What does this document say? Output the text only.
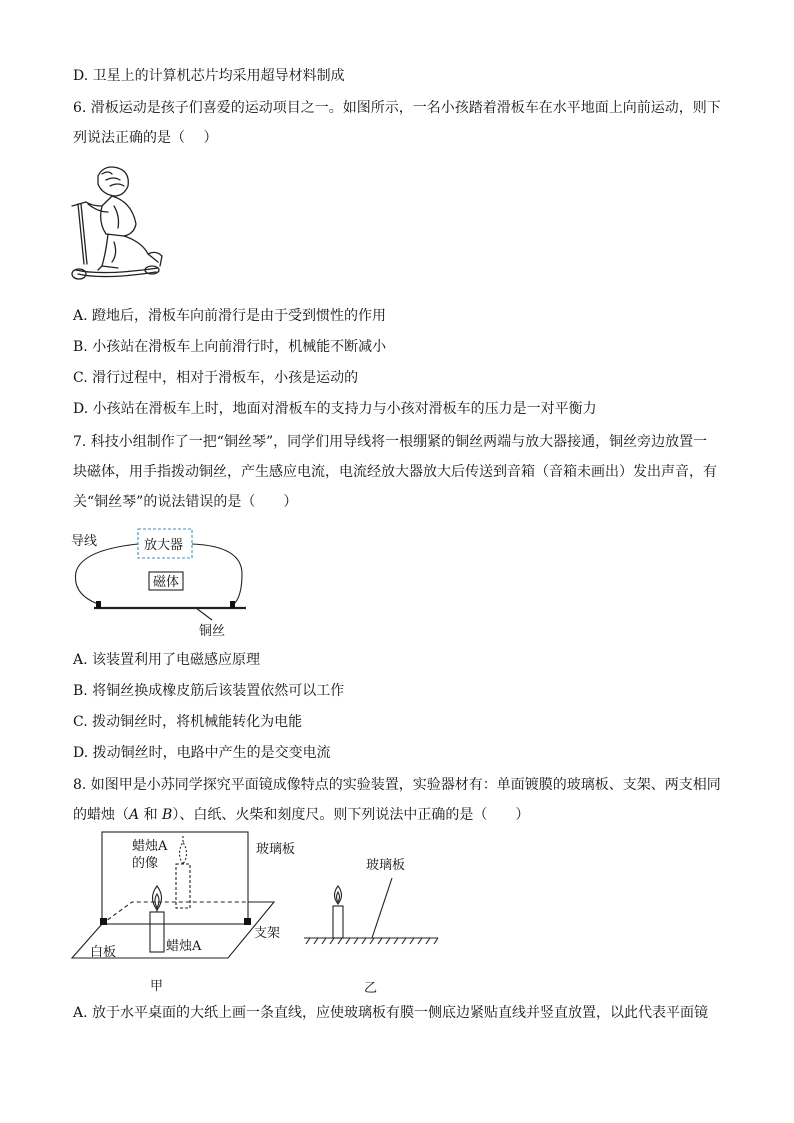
D. 卫星上的计算机芯片均采用超导材料制成
6. 滑板运动是孩子们喜爱的运动项目之一。如图所示，一名小孩踏着滑板车在水平地面上向前运动，则下
列说法正确的是（　 ）
A. 蹬地后，滑板车向前滑行是由于受到惯性的作用
B. 小孩站在滑板车上向前滑行时，机械能不断减小
C. 滑行过程中，相对于滑板车，小孩是运动的
D. 小孩站在滑板车上时，地面对滑板车的支持力与小孩对滑板车的压力是一对平衡力
7. 科技小组制作了一把“铜丝琴”，同学们用导线将一根绷紧的铜丝两端与放大器接通，铜丝旁边放置一
块磁体，用手指拨动铜丝，产生感应电流，电流经放大器放大后传送到音箱（音箱未画出）发出声音，有
关“铜丝琴”的说法错误的是（　　）
导线	放大器
磁体
铜丝
A. 该装置利用了电磁感应原理
B. 将铜丝换成橡皮筋后该装置依然可以工作
C. 拨动铜丝时，将机械能转化为电能
D. 拨动铜丝时，电路中产生的是交变电流
8. 如图甲是小苏同学探究平面镜成像特点的实验装置，实验器材有：单面镀膜的玻璃板、支架、两支相同
的蜡烛（A 和 B）、白纸、火柴和刻度尺。则下列说法中正确的是（　　）
蜡烛A
的像
玻璃板
支架
白板	蜡烛A
甲
玻璃板
乙
A. 放于水平桌面的大纸上画一条直线，应使玻璃板有膜一侧底边紧贴直线并竖直放置，以此代表平面镜
